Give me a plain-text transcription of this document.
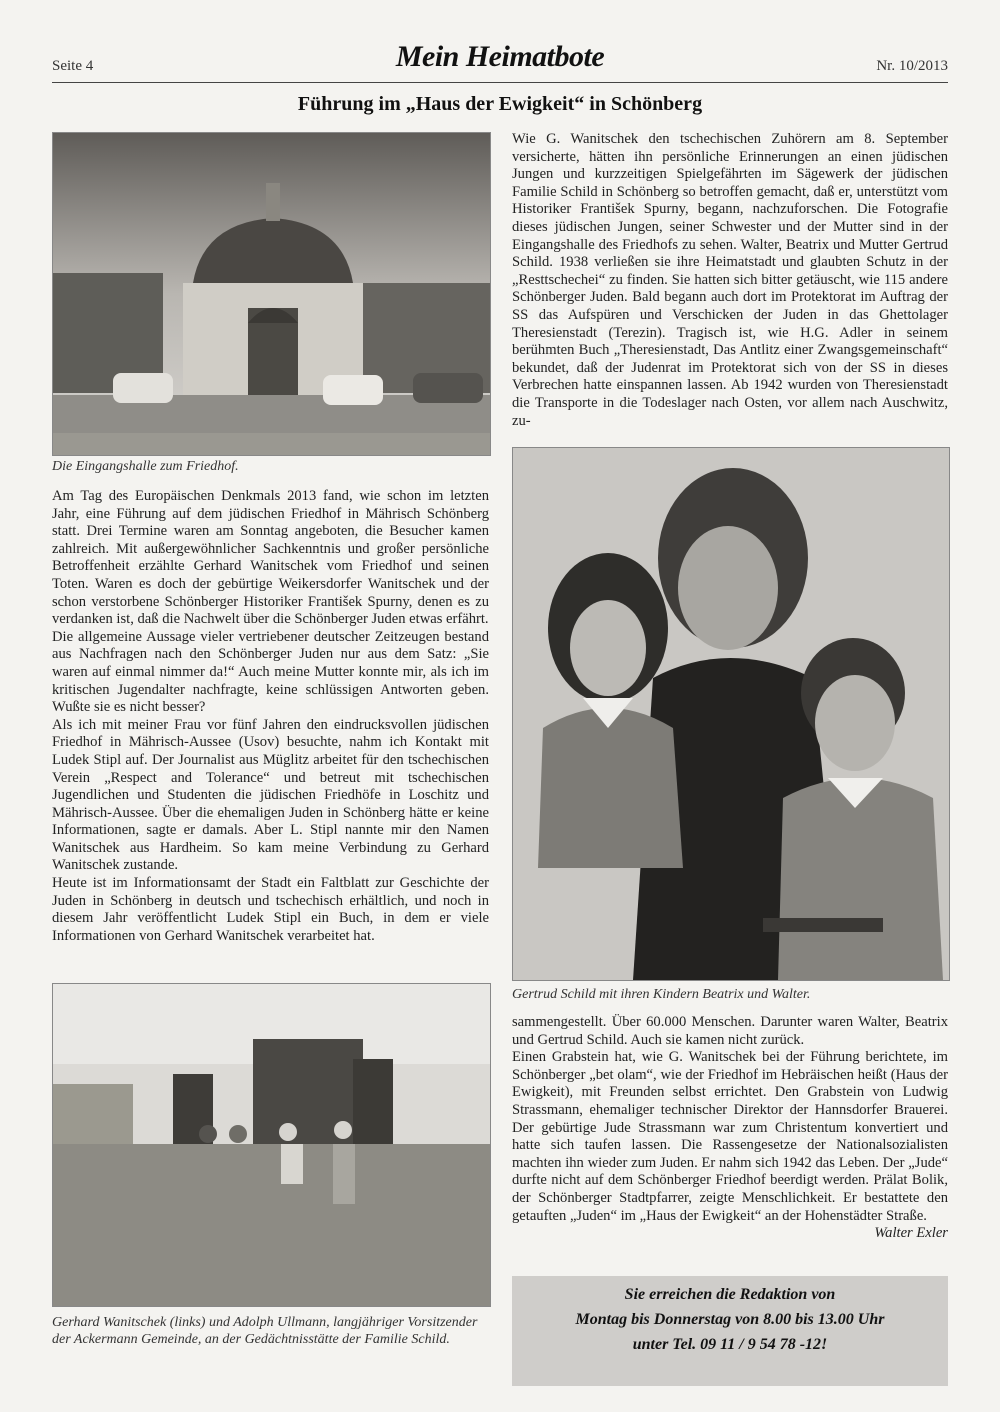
Seite 4	Mein Heimatbote	Nr. 10/2013
Führung im „Haus der Ewigkeit“ in Schönberg
Die Eingangshalle zum Friedhof.

Am Tag des Europäischen Denkmals 2013 fand, wie schon im letzten Jahr, eine Führung auf dem jüdischen Friedhof in Mährisch Schönberg statt. Drei Termine waren am Sonntag angeboten, die Besucher kamen zahlreich. Mit außergewöhnlicher Sachkenntnis und großer persönliche Betroffenheit erzählte Gerhard Wanitschek vom Friedhof und seinen Toten. Waren es doch der gebürtige Weikersdorfer Wanitschek und der schon verstorbene Schönberger Historiker František Spurny, denen es zu verdanken ist, daß die Nachwelt über die Schönberger Juden etwas erfährt.

Die allgemeine Aussage vieler vertriebener deutscher Zeitzeugen bestand aus Nachfragen nach den Schönberger Juden nur aus dem Satz: „Sie waren auf einmal nimmer da!“ Auch meine Mutter konnte mir, als ich im kritischen Jugendalter nachfragte, keine schlüssigen Antworten geben. Wußte sie es nicht besser?

Als ich mit meiner Frau vor fünf Jahren den eindrucksvollen jüdischen Friedhof in Mährisch-Aussee (Usov) besuchte, nahm ich Kontakt mit Ludek Stipl auf. Der Journalist aus Müglitz arbeitet für den tschechischen Verein „Respect and Tolerance“ und betreut mit tschechischen Jugendlichen und Studenten die jüdischen Friedhöfe in Loschitz und Mährisch-Aussee. Über die ehemaligen Juden in Schönberg hätte er keine Informationen, sagte er damals. Aber L. Stipl nannte mir den Namen Wanitschek aus Hardheim. So kam meine Verbindung zu Gerhard Wanitschek zustande.

Heute ist im Informationsamt der Stadt ein Faltblatt zur Geschichte der Juden in Schönberg in deutsch und tschechisch erhältlich, und noch in diesem Jahr veröffentlicht Ludek Stipl ein Buch, in dem er viele Informationen von Gerhard Wanitschek verarbeitet hat.

Gerhard Wanitschek (links) und Adolph Ullmann, langjähriger Vorsitzender der Ackermann Gemeinde, an der Gedächtnisstätte der Familie Schild.

Wie G. Wanitschek den tschechischen Zuhörern am 8. September versicherte, hätten ihn persönliche Erinnerungen an einen jüdischen Jungen und kurzzeitigen Spielgefährten im Sägewerk der jüdischen Familie Schild in Schönberg so betroffen gemacht, daß er, unterstützt vom Historiker František Spurny, begann, nachzuforschen. Die Fotografie dieses jüdischen Jungen, seiner Schwester und der Mutter sind in der Eingangshalle des Friedhofs zu sehen. Walter, Beatrix und Mutter Gertrud Schild. 1938 verließen sie ihre Heimatstadt und glaubten Schutz in der „Resttschechei“ zu finden. Sie hatten sich bitter getäuscht, wie 115 andere Schönberger Juden. Bald begann auch dort im Protektorat im Auftrag der SS das Aufspüren und Verschicken der Juden in das Ghettolager Theresienstadt (Terezin). Tragisch ist, wie H.G. Adler in seinem berühmten Buch „Theresienstadt, Das Antlitz einer Zwangsgemeinschaft“ bekundet, daß der Judenrat im Protektorat sich von der SS in dieses Verbrechen hatte einspannen lassen. Ab 1942 wurden von Theresienstadt die Transporte in die Todeslager nach Osten, vor allem nach Auschwitz, zu-

Gertrud Schild mit ihren Kindern Beatrix und Walter.

sammengestellt. Über 60.000 Menschen. Darunter waren Walter, Beatrix und Gertrud Schild. Auch sie kamen nicht zurück.

Einen Grabstein hat, wie G. Wanitschek bei der Führung berichtete, im Schönberger „bet olam“, wie der Friedhof im Hebräischen heißt (Haus der Ewigkeit), mit Freunden selbst errichtet. Den Grabstein von Ludwig Strassmann, ehemaliger technischer Direktor der Hannsdorfer Brauerei. Der gebürtige Jude Strassmann war zum Christentum konvertiert und hatte sich taufen lassen. Die Rassengesetze der Nationalsozialisten machten ihn wieder zum Juden. Er nahm sich 1942 das Leben. Der „Jude“ durfte nicht auf dem Schönberger Friedhof beerdigt werden. Prälat Bolik, der Schönberger Stadtpfarrer, zeigte Menschlichkeit. Er bestattete den getauften „Juden“ im „Haus der Ewigkeit“ an der Hohenstädter Straße.
Walter Exler

Sie erreichen die Redaktion von
Montag bis Donnerstag von 8.00 bis 13.00 Uhr
unter Tel. 09 11 / 9 54 78 -12!
